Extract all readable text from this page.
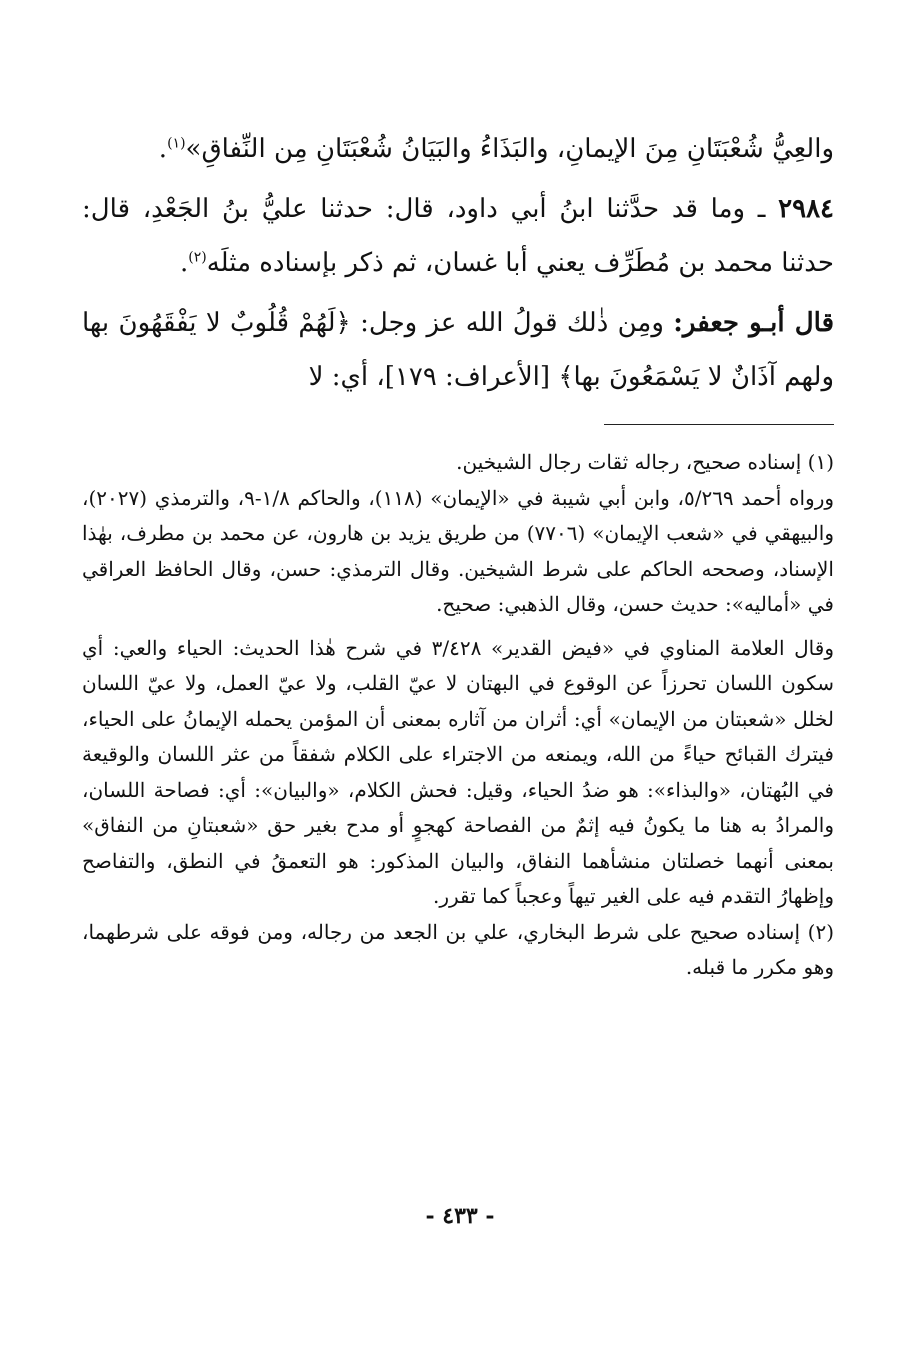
والعِيُّ شُعْبَتَانِ مِنَ الإيمانِ، والبَذَاءُ والبَيَانُ شُعْبَتَانِ مِن النِّفاقِ»$^{(١)}$.

٢٩٨٤ ـ وما قد حدَّثنا ابنُ أبي داود، قال: حدثنا عليُّ بنُ الجَعْدِ، قال: حدثنا محمد بن مُطَرِّف يعني أبا غسان، ثم ذكر بإسناده مثلَه$^{(٢)}$.

قال أبـو جعفر: ومِن ذٰلك قولُ الله عز وجل: ﴿لَهُمْ قُلُوبٌ لا يَفْقَهُونَ بها ولهم آذَانٌ لا يَسْمَعُونَ بها﴾ [الأعراف: ١٧٩]، أي: لا

(١) إسناده صحيح، رجاله ثقات رجال الشيخين.

ورواه أحمد ٥/٢٦٩، وابن أبي شيبة في «الإيمان» (١١٨)، والحاكم ١/٨-٩، والترمذي (٢٠٢٧)، والبيهقي في «شعب الإيمان» (٧٧٠٦) من طريق يزيد بن هارون، عن محمد بن مطرف، بهٰذا الإسناد، وصححه الحاكم على شرط الشيخين. وقال الترمذي: حسن، وقال الحافظ العراقي في «أماليه»: حديث حسن، وقال الذهبي: صحيح.

وقال العلامة المناوي في «فيض القدير» ٣/٤٢٨ في شرح هٰذا الحديث: الحياء والعي: أي سكون اللسان تحرزاً عن الوقوع في البهتان لا عيّ القلب، ولا عيّ العمل، ولا عيّ اللسان لخلل «شعبتان من الإيمان» أي: أثران من آثاره بمعنى أن المؤمن يحمله الإيمانُ على الحياء، فيترك القبائح حياءً من الله، ويمنعه من الاجتراء على الكلام شفقاً من عثر اللسان والوقيعة في البُهتان، «والبذاء»: هو ضدُ الحياء، وقيل: فحش الكلام، «والبيان»: أي: فصاحة اللسان، والمرادُ به هنا ما يكونُ فيه إثمٌ من الفصاحة كهجوٍ أو مدح بغير حق «شعبتانِ من النفاق» بمعنى أنهما خصلتان منشأهما النفاق، والبيان المذكور: هو التعمقُ في النطق، والتفاصح وإظهارُ التقدم فيه على الغير تيهاً وعجباً كما تقرر.

(٢) إسناده صحيح على شرط البخاري، علي بن الجعد من رجاله، ومن فوقه على شرطهما، وهو مكرر ما قبله.

- ٤٣٣ -
